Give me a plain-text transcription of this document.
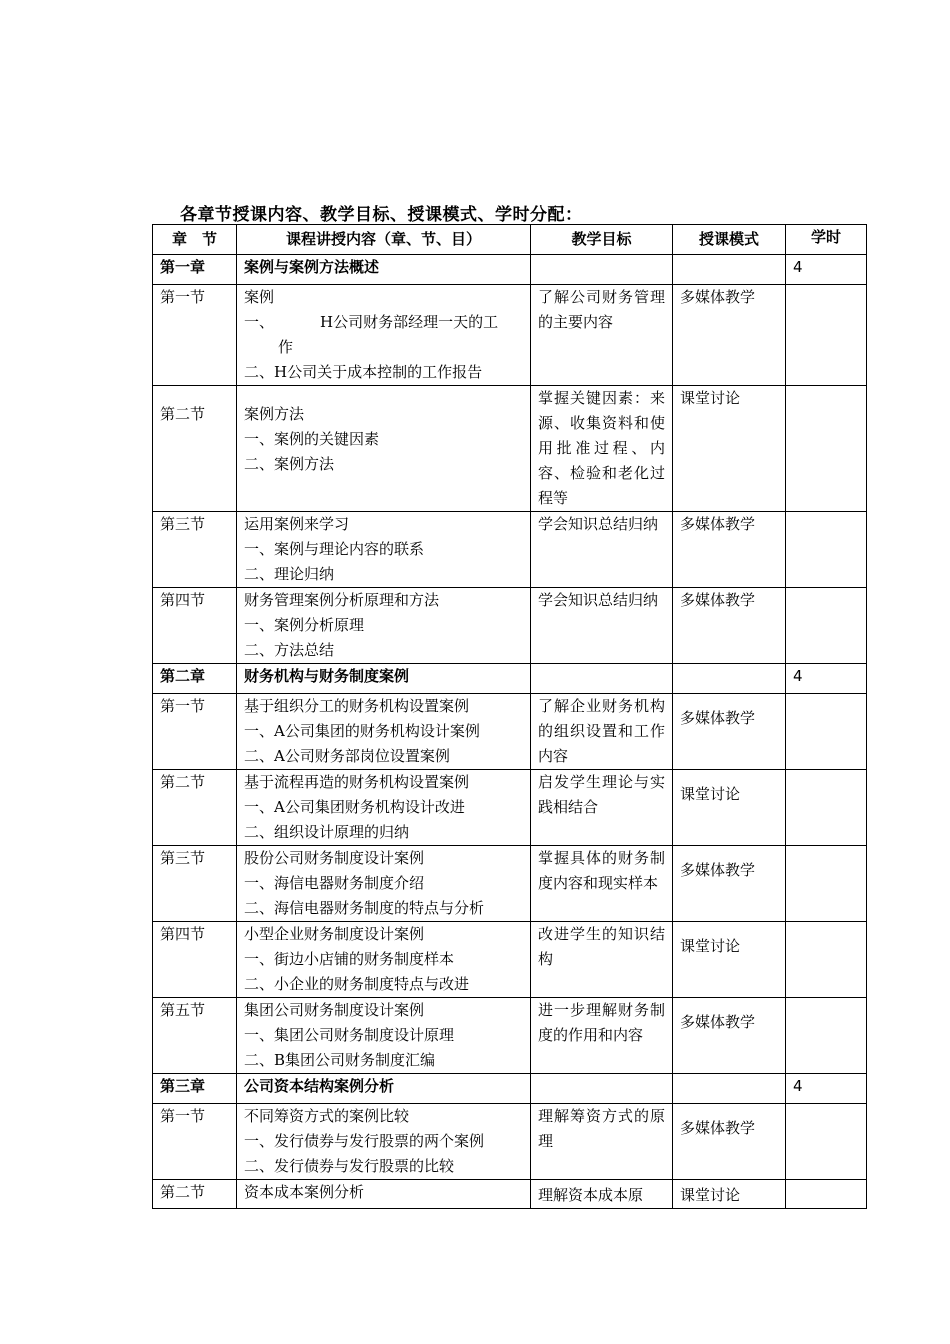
各章节授课内容、教学目标、授课模式、学时分配：
章　节	课程讲授内容（章、节、目）	教学目标	授课模式	学时
第一章	案例与案例方法概述			4
第一节	案例
一、 H公司财务部经理一天的工
作
二、H公司关于成本控制的工作报告	了解公司财务管理的主要内容	多媒体教学	
第二节	案例方法
一、案例的关键因素
二、案例方法	掌握关键因素：来源、收集资料和使用批准过程、内容、检验和老化过程等	课堂讨论	
第三节	运用案例来学习
一、案例与理论内容的联系
二、理论归纳	学会知识总结归纳	多媒体教学	
第四节	财务管理案例分析原理和方法
一、案例分析原理
二、方法总结	学会知识总结归纳	多媒体教学	
第二章	财务机构与财务制度案例			4
第一节	基于组织分工的财务机构设置案例
一、A公司集团的财务机构设计案例
二、A公司财务部岗位设置案例	了解企业财务机构的组织设置和工作内容	多媒体教学	
第二节	基于流程再造的财务机构设置案例
一、A公司集团财务机构设计改进
二、组织设计原理的归纳	启发学生理论与实践相结合	课堂讨论	
第三节	股份公司财务制度设计案例
一、海信电器财务制度介绍
二、海信电器财务制度的特点与分析	掌握具体的财务制度内容和现实样本	多媒体教学	
第四节	小型企业财务制度设计案例
一、街边小店铺的财务制度样本
二、小企业的财务制度特点与改进	改进学生的知识结构	课堂讨论	
第五节	集团公司财务制度设计案例
一、集团公司财务制度设计原理
二、B集团公司财务制度汇编	进一步理解财务制度的作用和内容	多媒体教学	
第三章	公司资本结构案例分析			4
第一节	不同筹资方式的案例比较
一、发行债券与发行股票的两个案例
二、发行债券与发行股票的比较	理解筹资方式的原理	多媒体教学	
第二节	资本成本案例分析	理解资本成本原	课堂讨论	
